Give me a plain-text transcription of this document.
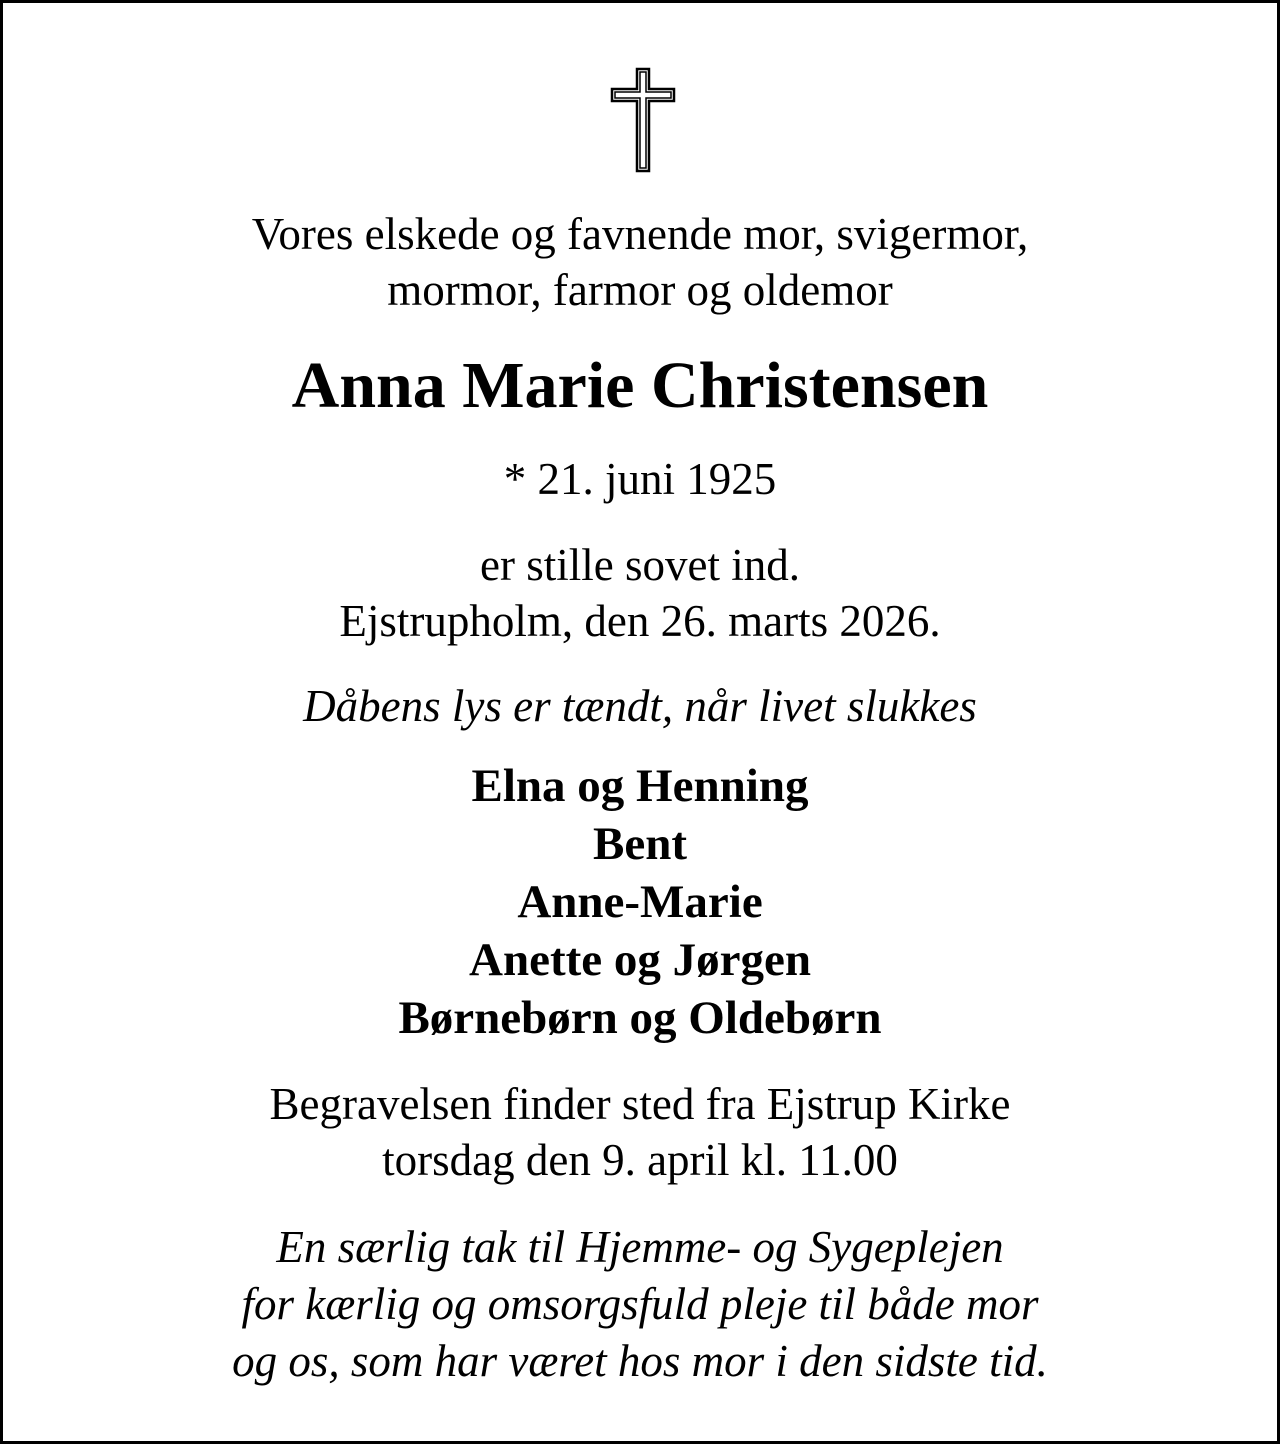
Vores elskede og favnende mor, svigermor,
mormor, farmor og oldemor
Anna Marie Christensen
* 21. juni 1925
er stille sovet ind.
Ejstrupholm, den 26. marts 2026.
Dåbens lys er tændt, når livet slukkes
Elna og Henning
Bent
Anne-Marie
Anette og Jørgen
Børnebørn og Oldebørn
Begravelsen finder sted fra Ejstrup Kirke
torsdag den 9. april kl. 11.00
En særlig tak til Hjemme- og Sygeplejen
for kærlig og omsorgsfuld pleje til både mor
og os, som har været hos mor i den sidste tid.
